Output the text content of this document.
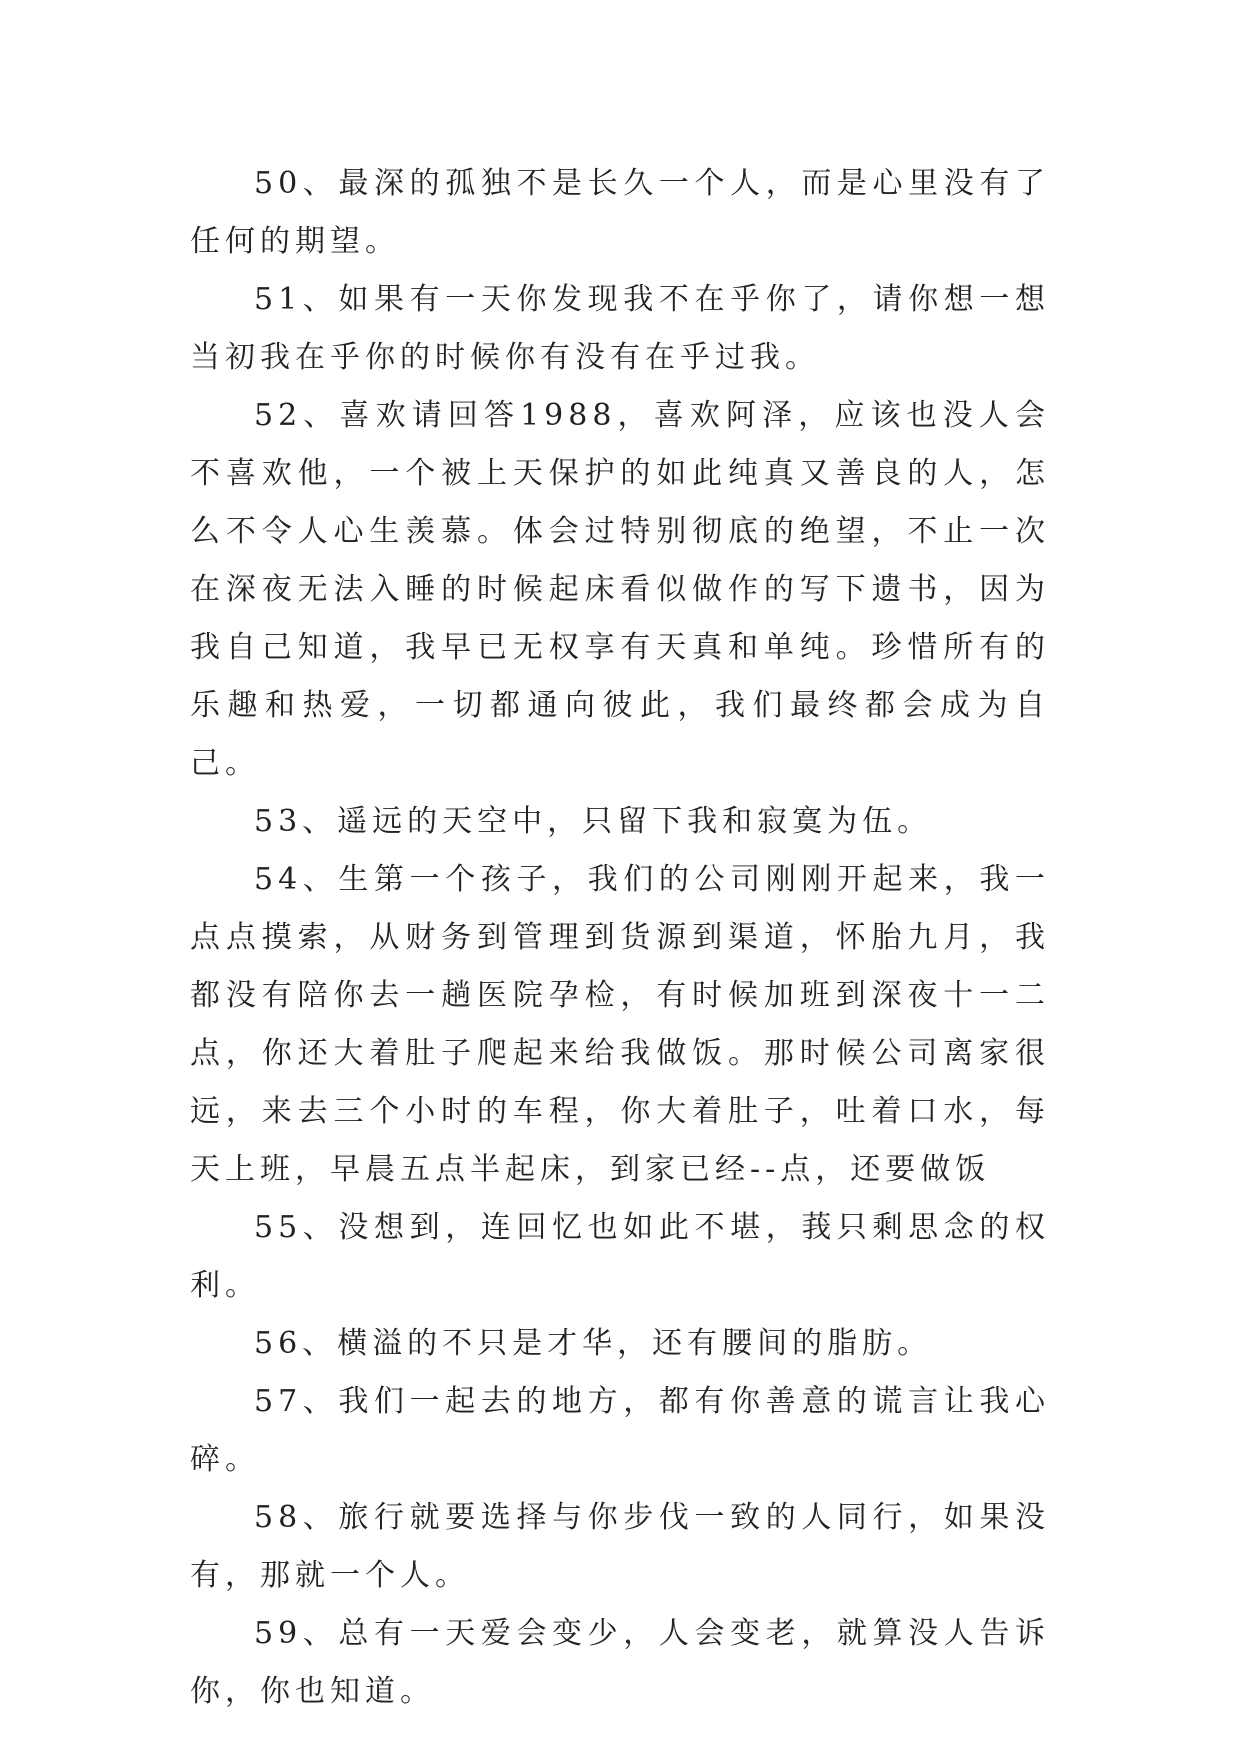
50、最深的孤独不是长久一个人，而是心里没有了任何的期望。

51、如果有一天你发现我不在乎你了，请你想一想当初我在乎你的时候你有没有在乎过我。

52、喜欢请回答1988，喜欢阿泽，应该也没人会不喜欢他，一个被上天保护的如此纯真又善良的人，怎么不令人心生羡慕。体会过特别彻底的绝望，不止一次在深夜无法入睡的时候起床看似做作的写下遗书，因为我自己知道，我早已无权享有天真和单纯。珍惜所有的乐趣和热爱，一切都通向彼此，我们最终都会成为自己。

53、遥远的天空中，只留下我和寂寞为伍。

54、生第一个孩子，我们的公司刚刚开起来，我一点点摸索，从财务到管理到货源到渠道，怀胎九月，我都没有陪你去一趟医院孕检，有时候加班到深夜十一二点，你还大着肚子爬起来给我做饭。那时候公司离家很远，来去三个小时的车程，你大着肚子，吐着口水，每天上班，早晨五点半起床，到家已经--点，还要做饭

55、没想到，连回忆也如此不堪，莪只剩思念的权利。

56、横溢的不只是才华，还有腰间的脂肪。

57、我们一起去的地方，都有你善意的谎言让我心碎。

58、旅行就要选择与你步伐一致的人同行，如果没有，那就一个人。

59、总有一天爱会变少，人会变老，就算没人告诉你，你也知道。
